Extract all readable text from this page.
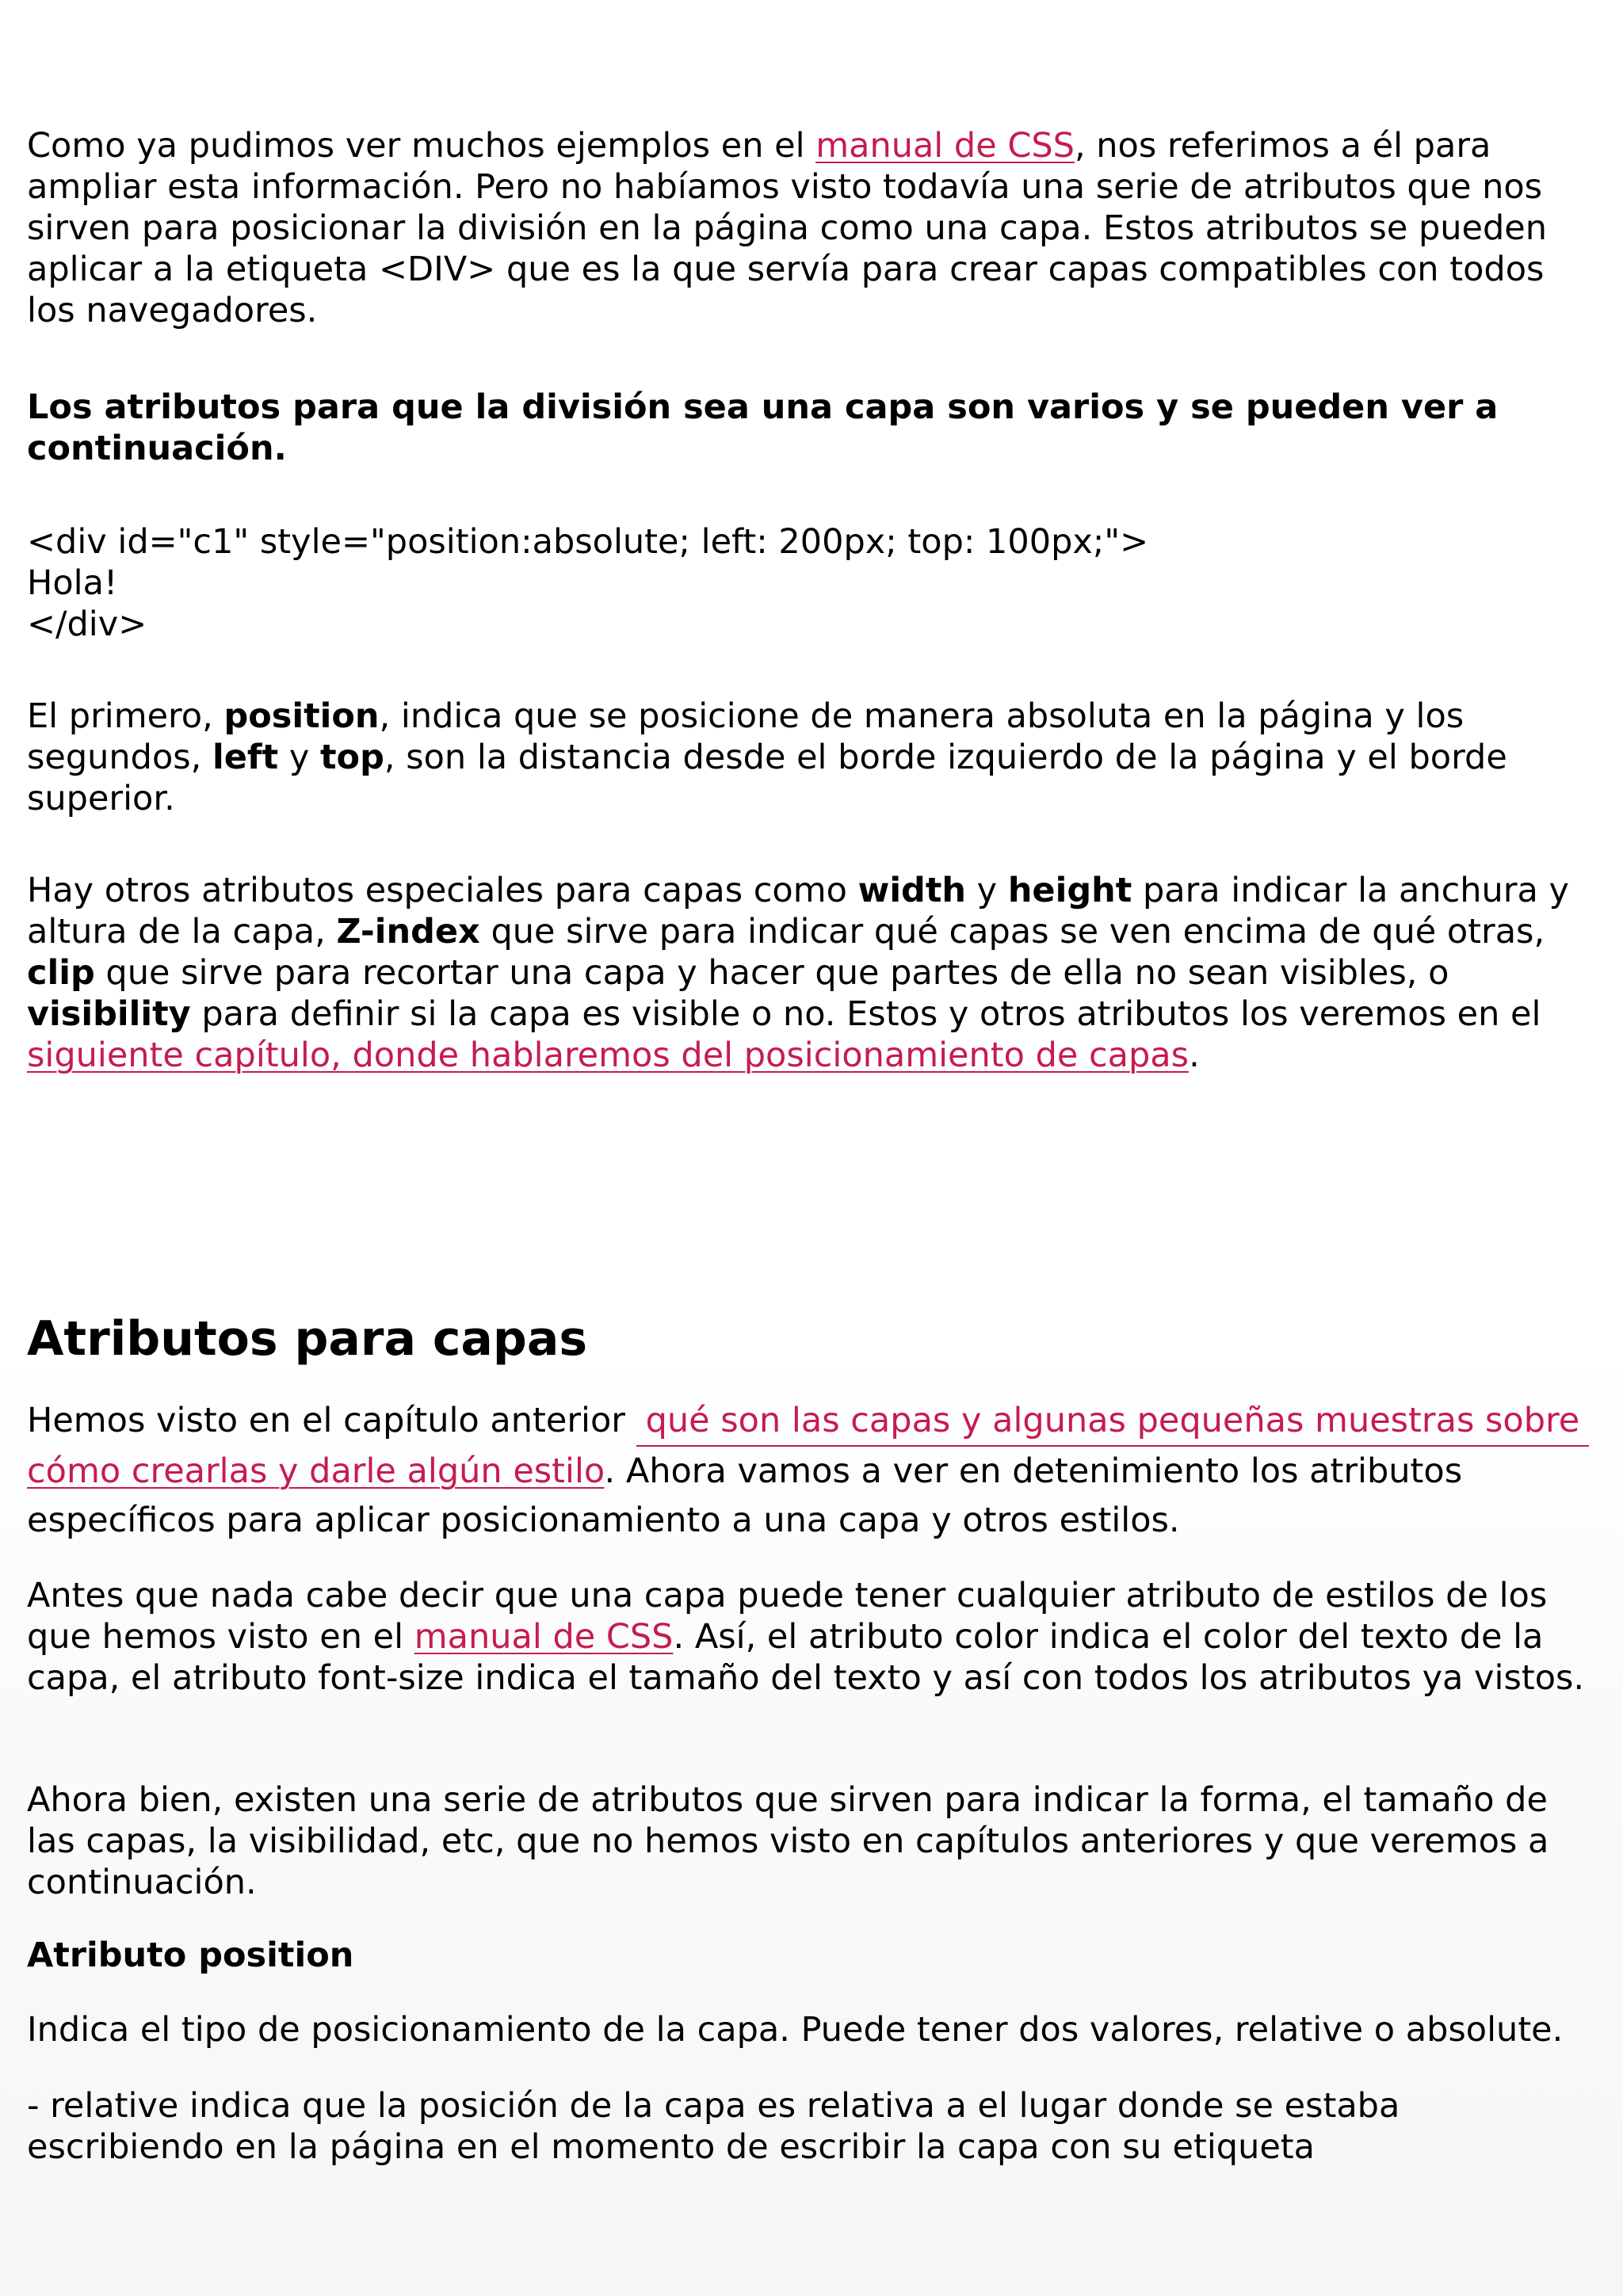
Como ya pudimos ver muchos ejemplos en el manual de CSS, nos referimos a él para ampliar esta información. Pero no habíamos visto todavía una serie de atributos que nos sirven para posicionar la división en la página como una capa. Estos atributos se pueden aplicar a la etiqueta <DIV> que es la que servía para crear capas compatibles con todos los navegadores.

Los atributos para que la división sea una capa son varios y se pueden ver a continuación.

<div id="c1" style="position:absolute; left: 200px; top: 100px;">
Hola!
</div>

El primero, position, indica que se posicione de manera absoluta en la página y los segundos, left y top, son la distancia desde el borde izquierdo de la página y el borde superior.

Hay otros atributos especiales para capas como width y height para indicar la anchura y altura de la capa, Z-index que sirve para indicar qué capas se ven encima de qué otras, clip que sirve para recortar una capa y hacer que partes de ella no sean visibles, o visibility para definir si la capa es visible o no. Estos y otros atributos los veremos en el siguiente capítulo, donde hablaremos del posicionamiento de capas.

Atributos para capas

Hemos visto en el capítulo anterior qué son las capas y algunas pequeñas muestras sobre
cómo crearlas y darle algún estilo. Ahora vamos a ver en detenimiento los atributos específicos para aplicar posicionamiento a una capa y otros estilos.

Antes que nada cabe decir que una capa puede tener cualquier atributo de estilos de los que hemos visto en el manual de CSS. Así, el atributo color indica el color del texto de la capa, el atributo font-size indica el tamaño del texto y así con todos los atributos ya vistos.

Ahora bien, existen una serie de atributos que sirven para indicar la forma, el tamaño de las capas, la visibilidad, etc, que no hemos visto en capítulos anteriores y que veremos a continuación.

Atributo position

Indica el tipo de posicionamiento de la capa. Puede tener dos valores, relative o absolute.

- relative indica que la posición de la capa es relativa a el lugar donde se estaba escribiendo en la página en el momento de escribir la capa con su etiqueta
